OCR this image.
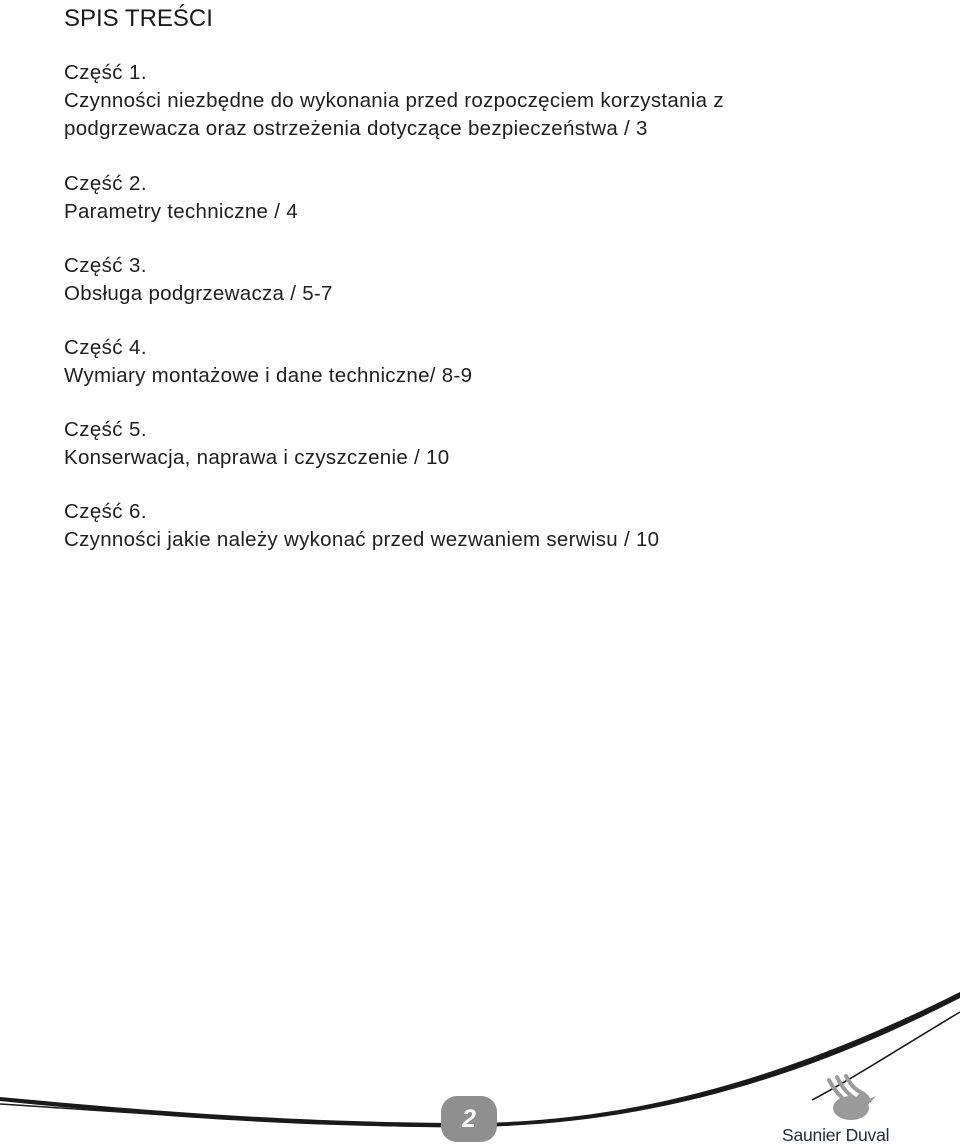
SPIS TREŚCI
Część 1.
Czynności niezbędne do wykonania przed rozpoczęciem korzystania z
podgrzewacza oraz ostrzeżenia dotyczące bezpieczeństwa / 3
Część 2.
Parametry techniczne / 4
Część 3.
Obsługa podgrzewacza / 5-7
Część 4.
Wymiary montażowe i dane techniczne/ 8-9
Część 5.
Konserwacja, naprawa i czyszczenie / 10
Część 6.
Czynności jakie należy wykonać przed wezwaniem serwisu / 10
2
Saunier Duval
